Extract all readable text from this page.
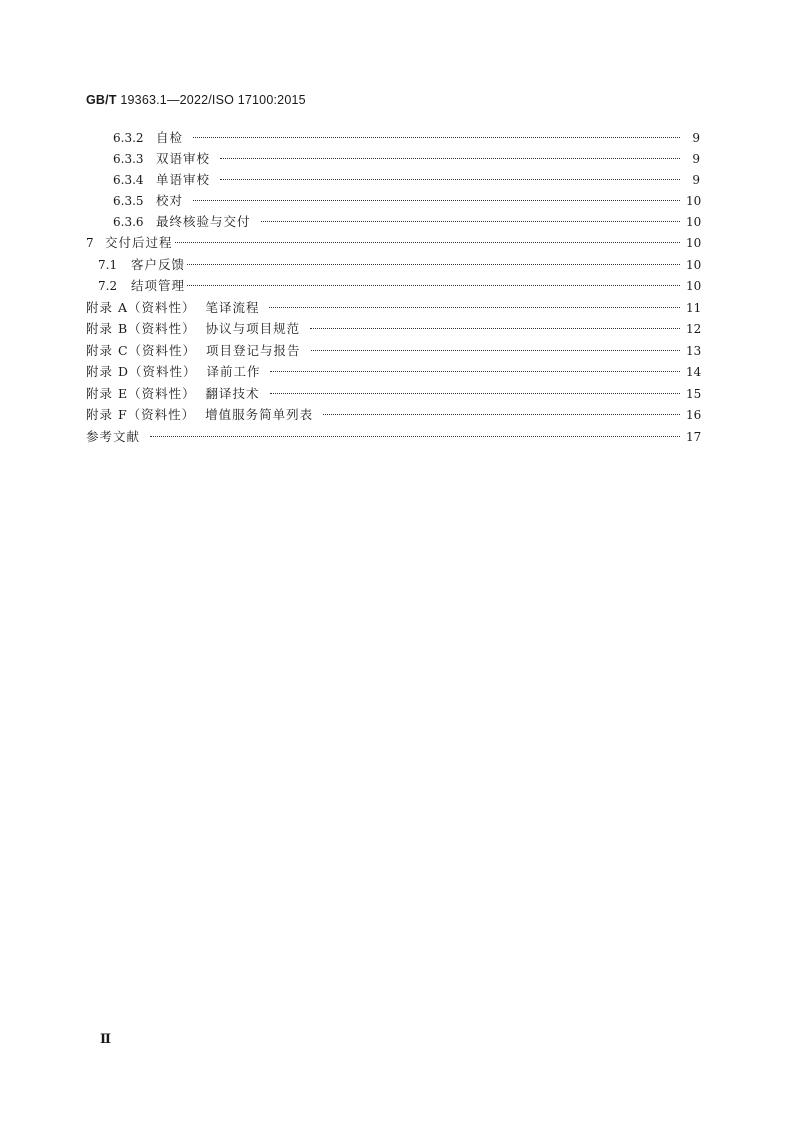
GB/T 19363.1—2022/ISO 17100:2015
6.3.2 自检	9
6.3.3 双语审校	9
6.3.4 单语审校	9
6.3.5 校对	10
6.3.6 最终核验与交付	10
7 交付后过程	10
7.1	客户反馈	10
7.2	结项管理	10
附录 A（资料性）  笔译流程	11
附录 B（资料性）  协议与项目规范	12
附录 C（资料性）  项目登记与报告	13
附录 D（资料性）  译前工作	14
附录 E（资料性）  翻译技术	15
附录 F（资料性）  增值服务简单列表	16
参考文献	17
Ⅱ
